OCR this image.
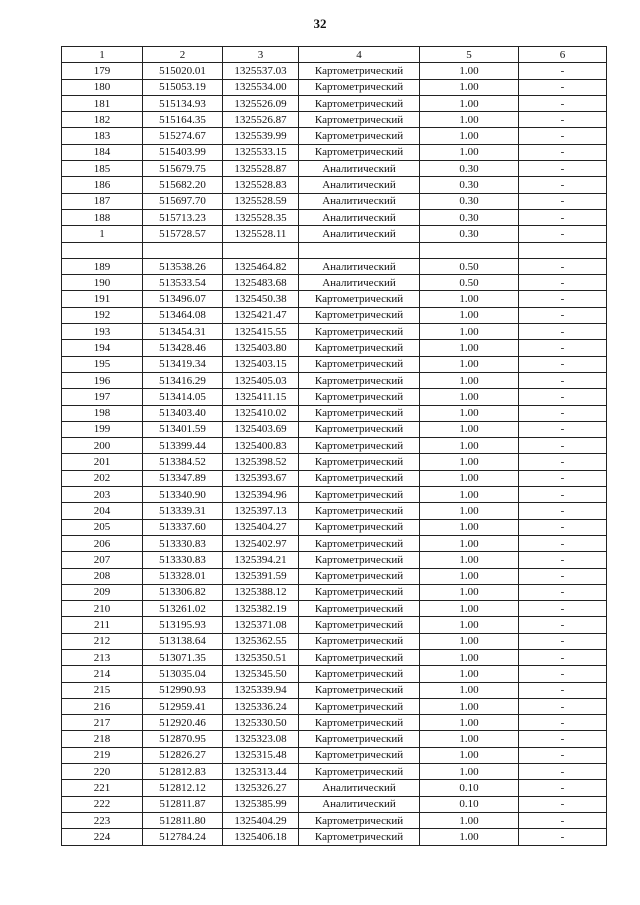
32
1	2	3	4	5	6
179	515020.01	1325537.03	Картометрический	1.00	-
180	515053.19	1325534.00	Картометрический	1.00	-
181	515134.93	1325526.09	Картометрический	1.00	-
182	515164.35	1325526.87	Картометрический	1.00	-
183	515274.67	1325539.99	Картометрический	1.00	-
184	515403.99	1325533.15	Картометрический	1.00	-
185	515679.75	1325528.87	Аналитический	0.30	-
186	515682.20	1325528.83	Аналитический	0.30	-
187	515697.70	1325528.59	Аналитический	0.30	-
188	515713.23	1325528.35	Аналитический	0.30	-
1	515728.57	1325528.11	Аналитический	0.30	-

189	513538.26	1325464.82	Аналитический	0.50	-
190	513533.54	1325483.68	Аналитический	0.50	-
191	513496.07	1325450.38	Картометрический	1.00	-
192	513464.08	1325421.47	Картометрический	1.00	-
193	513454.31	1325415.55	Картометрический	1.00	-
194	513428.46	1325403.80	Картометрический	1.00	-
195	513419.34	1325403.15	Картометрический	1.00	-
196	513416.29	1325405.03	Картометрический	1.00	-
197	513414.05	1325411.15	Картометрический	1.00	-
198	513403.40	1325410.02	Картометрический	1.00	-
199	513401.59	1325403.69	Картометрический	1.00	-
200	513399.44	1325400.83	Картометрический	1.00	-
201	513384.52	1325398.52	Картометрический	1.00	-
202	513347.89	1325393.67	Картометрический	1.00	-
203	513340.90	1325394.96	Картометрический	1.00	-
204	513339.31	1325397.13	Картометрический	1.00	-
205	513337.60	1325404.27	Картометрический	1.00	-
206	513330.83	1325402.97	Картометрический	1.00	-
207	513330.83	1325394.21	Картометрический	1.00	-
208	513328.01	1325391.59	Картометрический	1.00	-
209	513306.82	1325388.12	Картометрический	1.00	-
210	513261.02	1325382.19	Картометрический	1.00	-
211	513195.93	1325371.08	Картометрический	1.00	-
212	513138.64	1325362.55	Картометрический	1.00	-
213	513071.35	1325350.51	Картометрический	1.00	-
214	513035.04	1325345.50	Картометрический	1.00	-
215	512990.93	1325339.94	Картометрический	1.00	-
216	512959.41	1325336.24	Картометрический	1.00	-
217	512920.46	1325330.50	Картометрический	1.00	-
218	512870.95	1325323.08	Картометрический	1.00	-
219	512826.27	1325315.48	Картометрический	1.00	-
220	512812.83	1325313.44	Картометрический	1.00	-
221	512812.12	1325326.27	Аналитический	0.10	-
222	512811.87	1325385.99	Аналитический	0.10	-
223	512811.80	1325404.29	Картометрический	1.00	-
224	512784.24	1325406.18	Картометрический	1.00	-
